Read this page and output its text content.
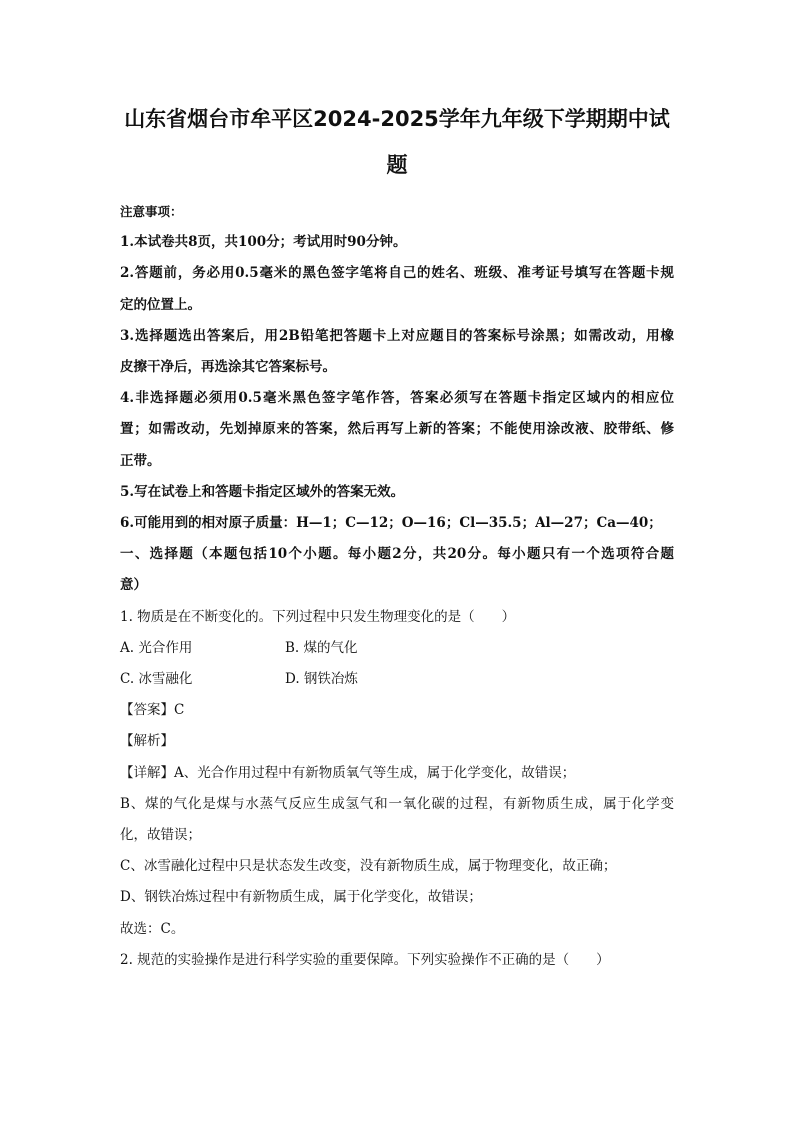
山东省烟台市牟平区2024-2025学年九年级下学期期中试
题
注意事项：
1.本试卷共8页，共100分；考试用时90分钟。
2.答题前，务必用0.5毫米的黑色签字笔将自己的姓名、班级、准考证号填写在答题卡规
定的位置上。
3.选择题选出答案后，用2B铅笔把答题卡上对应题目的答案标号涂黑；如需改动，用橡
皮擦干净后，再选涂其它答案标号。
4.非选择题必须用0.5毫米黑色签字笔作答，答案必须写在答题卡指定区域内的相应位
置；如需改动，先划掉原来的答案，然后再写上新的答案；不能使用涂改液、胶带纸、修
正带。
5.写在试卷上和答题卡指定区域外的答案无效。
6.可能用到的相对原子质量：H—1；C—12；O—16；Cl—35.5；Al—27；Ca—40；
一、选择题（本题包括10个小题。每小题2分，共20分。每小题只有一个选项符合题
意）
1. 物质是在不断变化的。下列过程中只发生物理变化的是（　　）
A. 光合作用	B. 煤的气化
C. 冰雪融化	D. 钢铁冶炼
【答案】C
【解析】
【详解】A、光合作用过程中有新物质氧气等生成，属于化学变化，故错误；
B、煤的气化是煤与水蒸气反应生成氢气和一氧化碳的过程，有新物质生成，属于化学变
化，故错误；
C、冰雪融化过程中只是状态发生改变，没有新物质生成，属于物理变化，故正确；
D、钢铁冶炼过程中有新物质生成，属于化学变化，故错误；
故选：C。
2. 规范的实验操作是进行科学实验的重要保障。下列实验操作不正确的是（　　）
